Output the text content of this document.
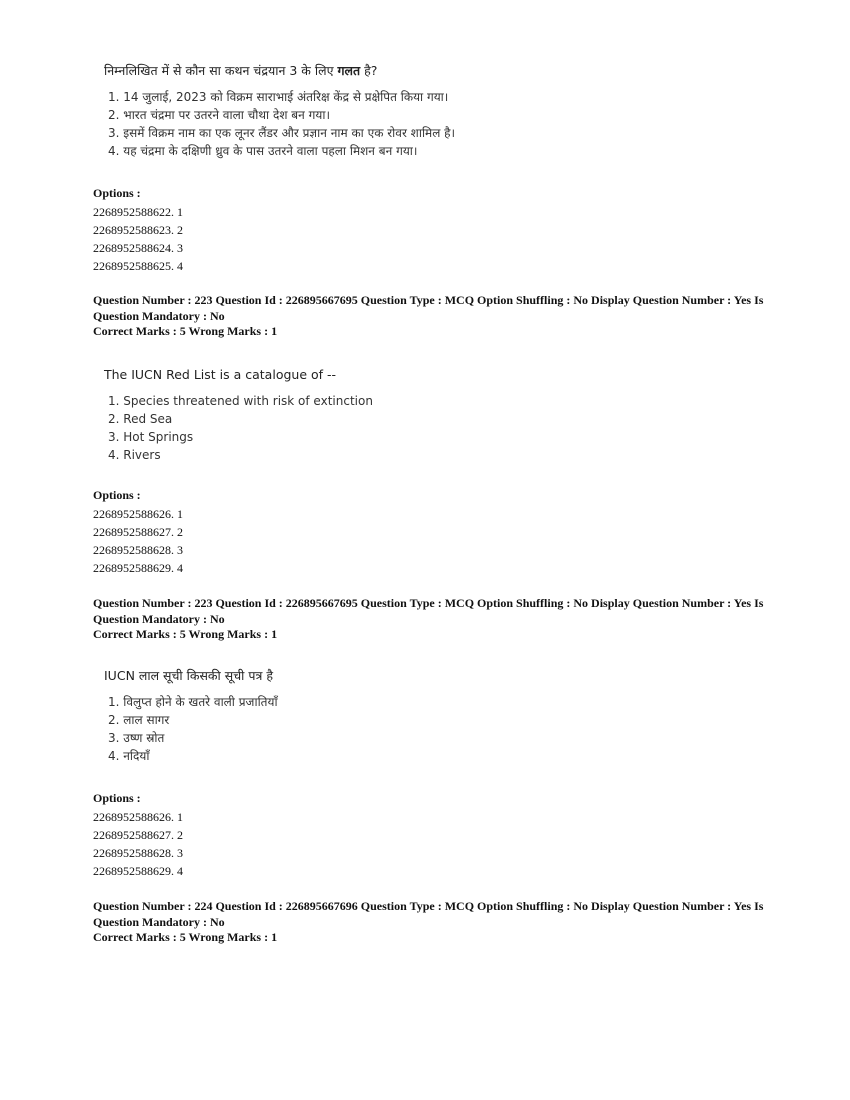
निम्नलिखित में से कौन सा कथन चंद्रयान 3 के लिए गलत है?

1. 14 जुलाई, 2023 को विक्रम साराभाई अंतरिक्ष केंद्र से प्रक्षेपित किया गया।
2. भारत चंद्रमा पर उतरने वाला चौथा देश बन गया।
3. इसमें विक्रम नाम का एक लूनर लैंडर और प्रज्ञान नाम का एक रोवर शामिल है।
4. यह चंद्रमा के दक्षिणी ध्रुव के पास उतरने वाला पहला मिशन बन गया।
Options :
2268952588622. 1
2268952588623. 2
2268952588624. 3
2268952588625. 4
Question Number : 223 Question Id : 226895667695 Question Type : MCQ Option Shuffling : No Display Question Number : Yes Is
Question Mandatory : No
Correct Marks : 5 Wrong Marks : 1

The IUCN Red List is a catalogue of --

1. Species threatened with risk of extinction
2. Red Sea
3. Hot Springs
4. Rivers
Options :
2268952588626. 1
2268952588627. 2
2268952588628. 3
2268952588629. 4
Question Number : 223 Question Id : 226895667695 Question Type : MCQ Option Shuffling : No Display Question Number : Yes Is
Question Mandatory : No
Correct Marks : 5 Wrong Marks : 1

IUCN लाल सूची किसकी सूची पत्र है

1. विलुप्त होने के खतरे वाली प्रजातियाँ
2. लाल सागर
3. उष्ण स्रोत
4. नदियाँ
Options :
2268952588626. 1
2268952588627. 2
2268952588628. 3
2268952588629. 4
Question Number : 224 Question Id : 226895667696 Question Type : MCQ Option Shuffling : No Display Question Number : Yes Is
Question Mandatory : No
Correct Marks : 5 Wrong Marks : 1
